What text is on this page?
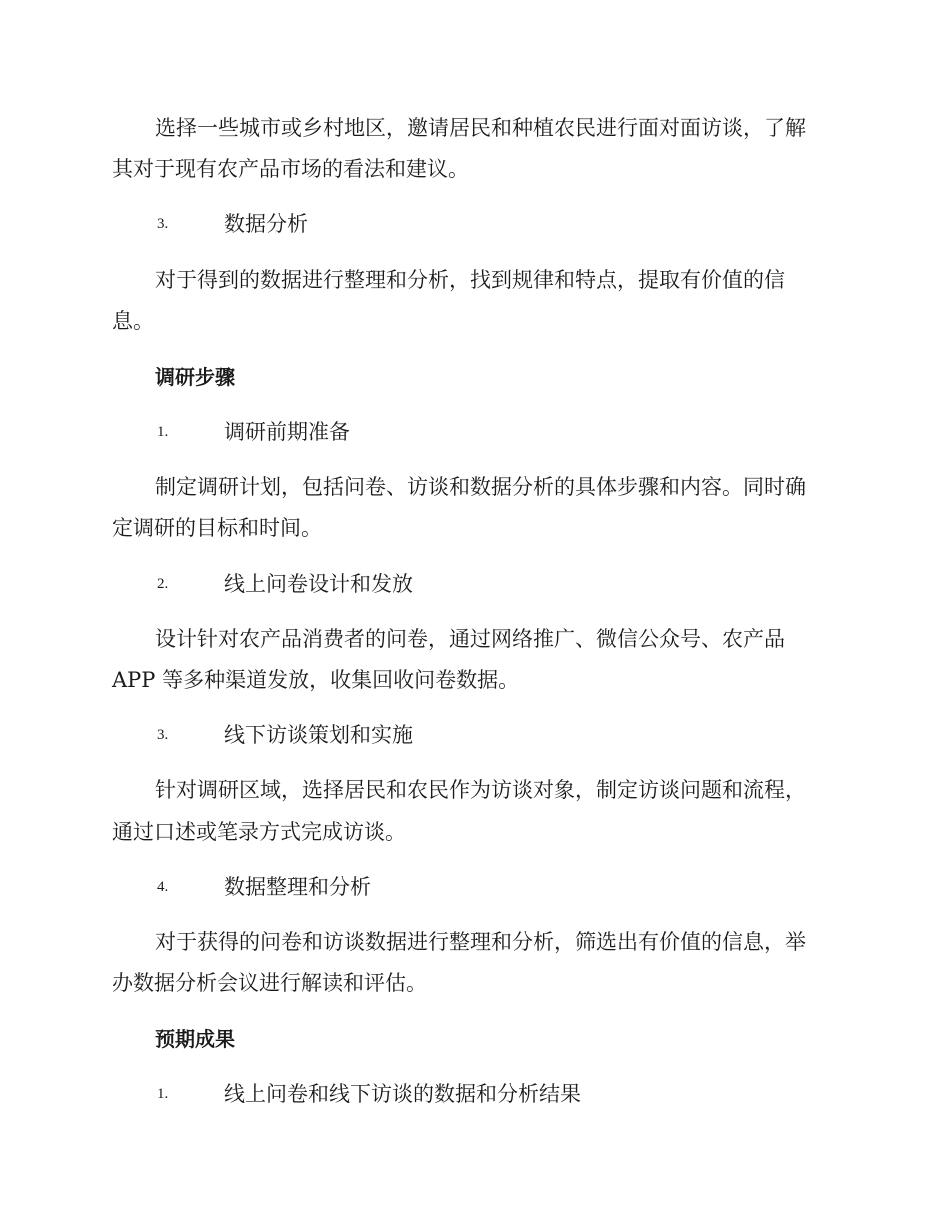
选择一些城市或乡村地区，邀请居民和种植农民进行面对面访谈，了解
其对于现有农产品市场的看法和建议。
3.	数据分析
对于得到的数据进行整理和分析，找到规律和特点，提取有价值的信
息。
调研步骤
1.	调研前期准备
制定调研计划，包括问卷、访谈和数据分析的具体步骤和内容。同时确
定调研的目标和时间。
2.	线上问卷设计和发放
设计针对农产品消费者的问卷，通过网络推广、微信公众号、农产品
APP 等多种渠道发放，收集回收问卷数据。
3.	线下访谈策划和实施
针对调研区域，选择居民和农民作为访谈对象，制定访谈问题和流程，
通过口述或笔录方式完成访谈。
4.	数据整理和分析
对于获得的问卷和访谈数据进行整理和分析，筛选出有价值的信息，举
办数据分析会议进行解读和评估。
预期成果
1.	线上问卷和线下访谈的数据和分析结果
